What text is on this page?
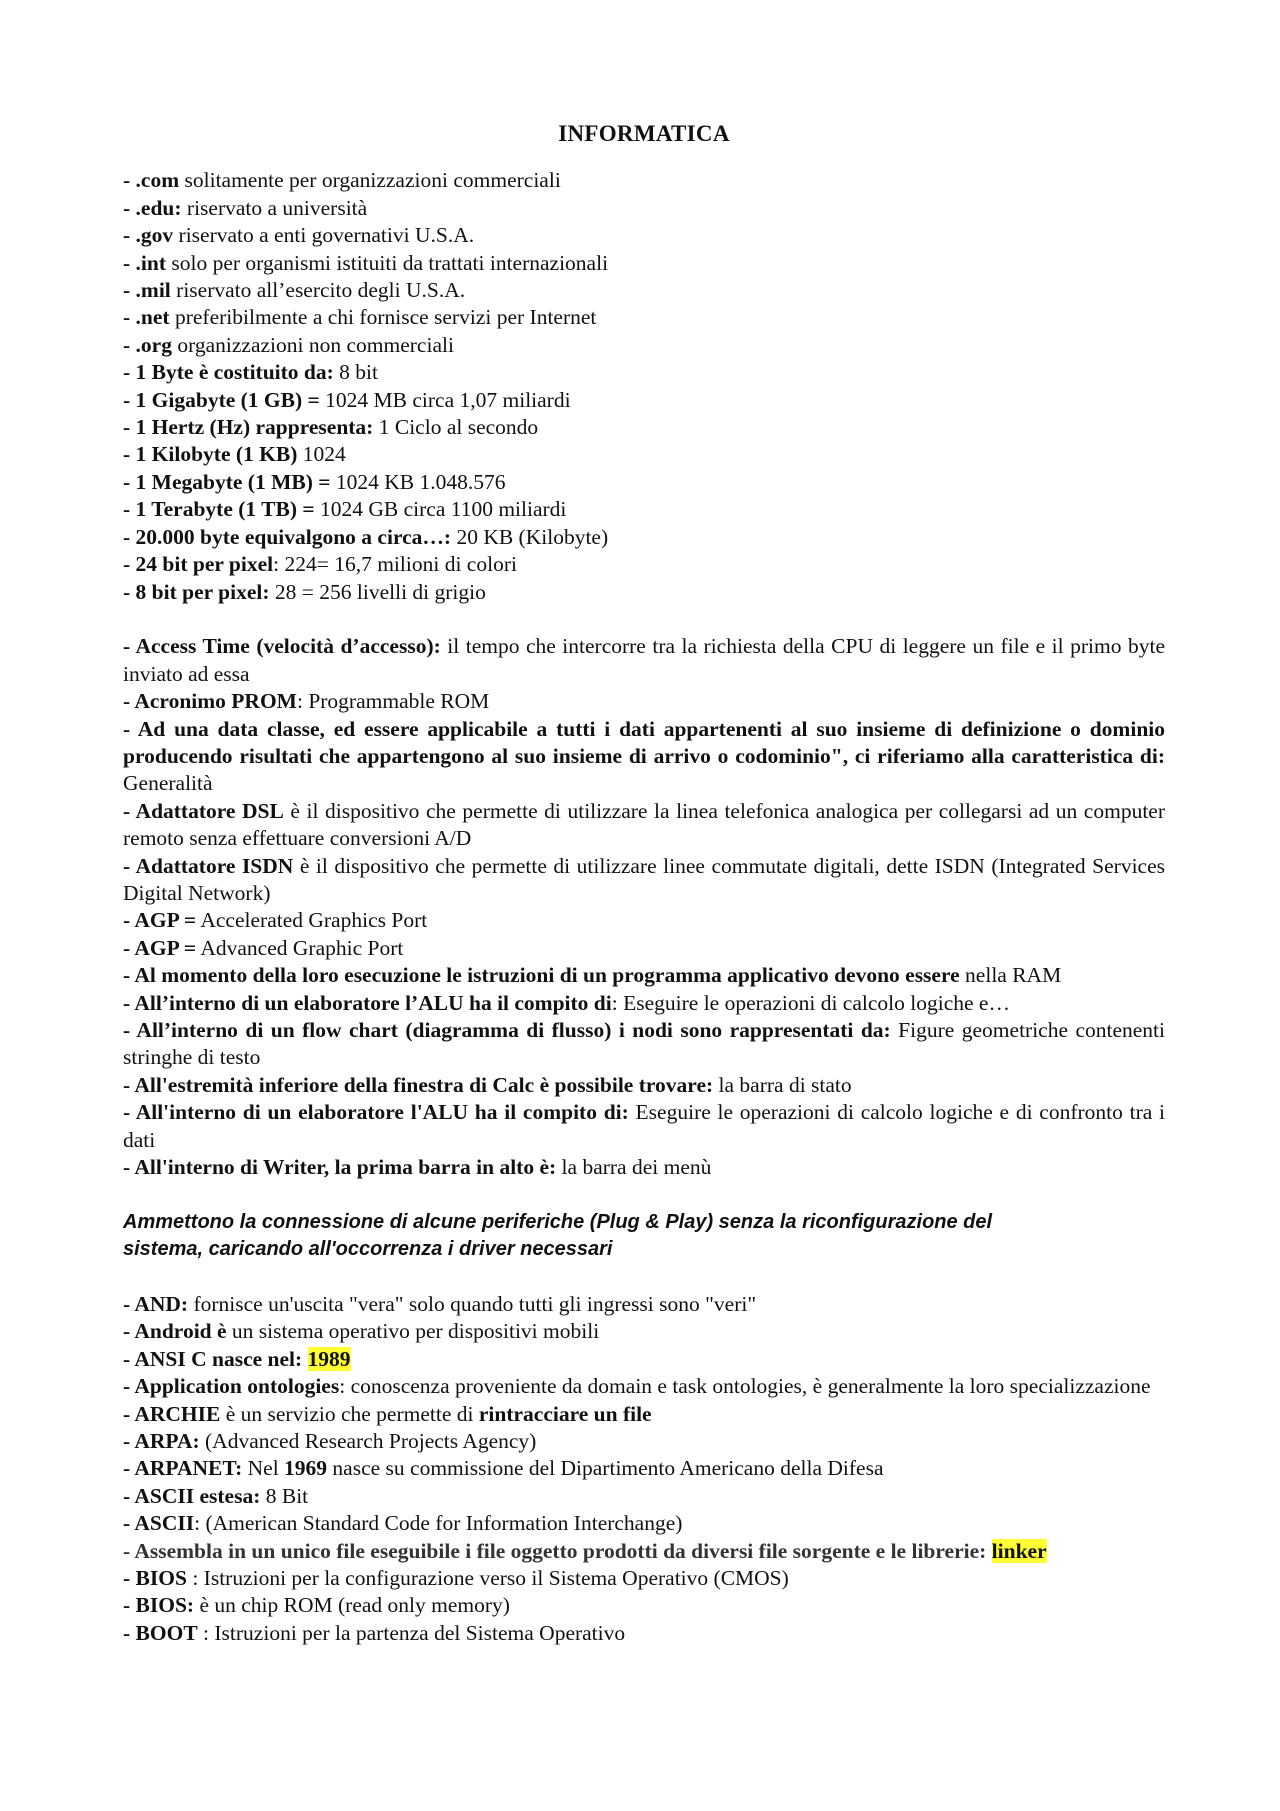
INFORMATICA

- .com solitamente per organizzazioni commerciali

- .edu: riservato a università

- .gov riservato a enti governativi U.S.A.

- .int solo per organismi istituiti da trattati internazionali

- .mil riservato all’esercito degli U.S.A.

- .net preferibilmente a chi fornisce servizi per Internet

- .org organizzazioni non commerciali

- 1 Byte è costituito da: 8 bit

- 1 Gigabyte (1 GB) = 1024 MB circa 1,07 miliardi

- 1 Hertz (Hz) rappresenta: 1 Ciclo al secondo

- 1 Kilobyte (1 KB) 1024

- 1 Megabyte (1 MB) = 1024 KB 1.048.576

- 1 Terabyte (1 TB) = 1024 GB circa 1100 miliardi

- 20.000 byte equivalgono a circa…: 20 KB (Kilobyte)

- 24 bit per pixel: 224= 16,7 milioni di colori

- 8 bit per pixel: 28 = 256 livelli di grigio

- Access Time (velocità d’accesso): il tempo che intercorre tra la richiesta della CPU di leggere un file e il primo byte inviato ad essa

- Acronimo PROM: Programmable ROM

- Ad una data classe, ed essere applicabile a tutti i dati appartenenti al suo insieme di definizione o dominio producendo risultati che appartengono al suo insieme di arrivo o codominio", ci riferiamo alla caratteristica di: Generalità

- Adattatore DSL è il dispositivo che permette di utilizzare la linea telefonica analogica per collegarsi ad un computer remoto senza effettuare conversioni A/D

- Adattatore ISDN è il dispositivo che permette di utilizzare linee commutate digitali, dette ISDN (Integrated Services Digital Network)

- AGP = Accelerated Graphics Port

- AGP = Advanced Graphic Port

- Al momento della loro esecuzione le istruzioni di un programma applicativo devono essere nella RAM

- All’interno di un elaboratore l’ALU ha il compito di: Eseguire le operazioni di calcolo logiche e…

- All’interno di un flow chart (diagramma di flusso) i nodi sono rappresentati da: Figure geometriche contenenti stringhe di testo

- All'estremità inferiore della finestra di Calc è possibile trovare: la barra di stato

- All'interno di un elaboratore l'ALU ha il compito di: Eseguire le operazioni di calcolo logiche e di confronto tra i dati

- All'interno di Writer, la prima barra in alto è: la barra dei menù

Ammettono la connessione di alcune periferiche (Plug & Play) senza la riconfigurazione del
sistema, caricando all'occorrenza i driver necessari

- AND: fornisce un'uscita "vera" solo quando tutti gli ingressi sono "veri"

- Android è un sistema operativo per dispositivi mobili

- ANSI C nasce nel: 1989

- Application ontologies: conoscenza proveniente da domain e task ontologies, è generalmente la loro specializzazione

- ARCHIE è un servizio che permette di rintracciare un file

- ARPA: (Advanced Research Projects Agency)

- ARPANET: Nel 1969 nasce su commissione del Dipartimento Americano della Difesa

- ASCII estesa: 8 Bit

- ASCII: (American Standard Code for Information Interchange)

- Assembla in un unico file eseguibile i file oggetto prodotti da diversi file sorgente e le librerie: linker

- BIOS : Istruzioni per la configurazione verso il Sistema Operativo (CMOS)

- BIOS: è un chip ROM (read only memory)

- BOOT : Istruzioni per la partenza del Sistema Operativo
